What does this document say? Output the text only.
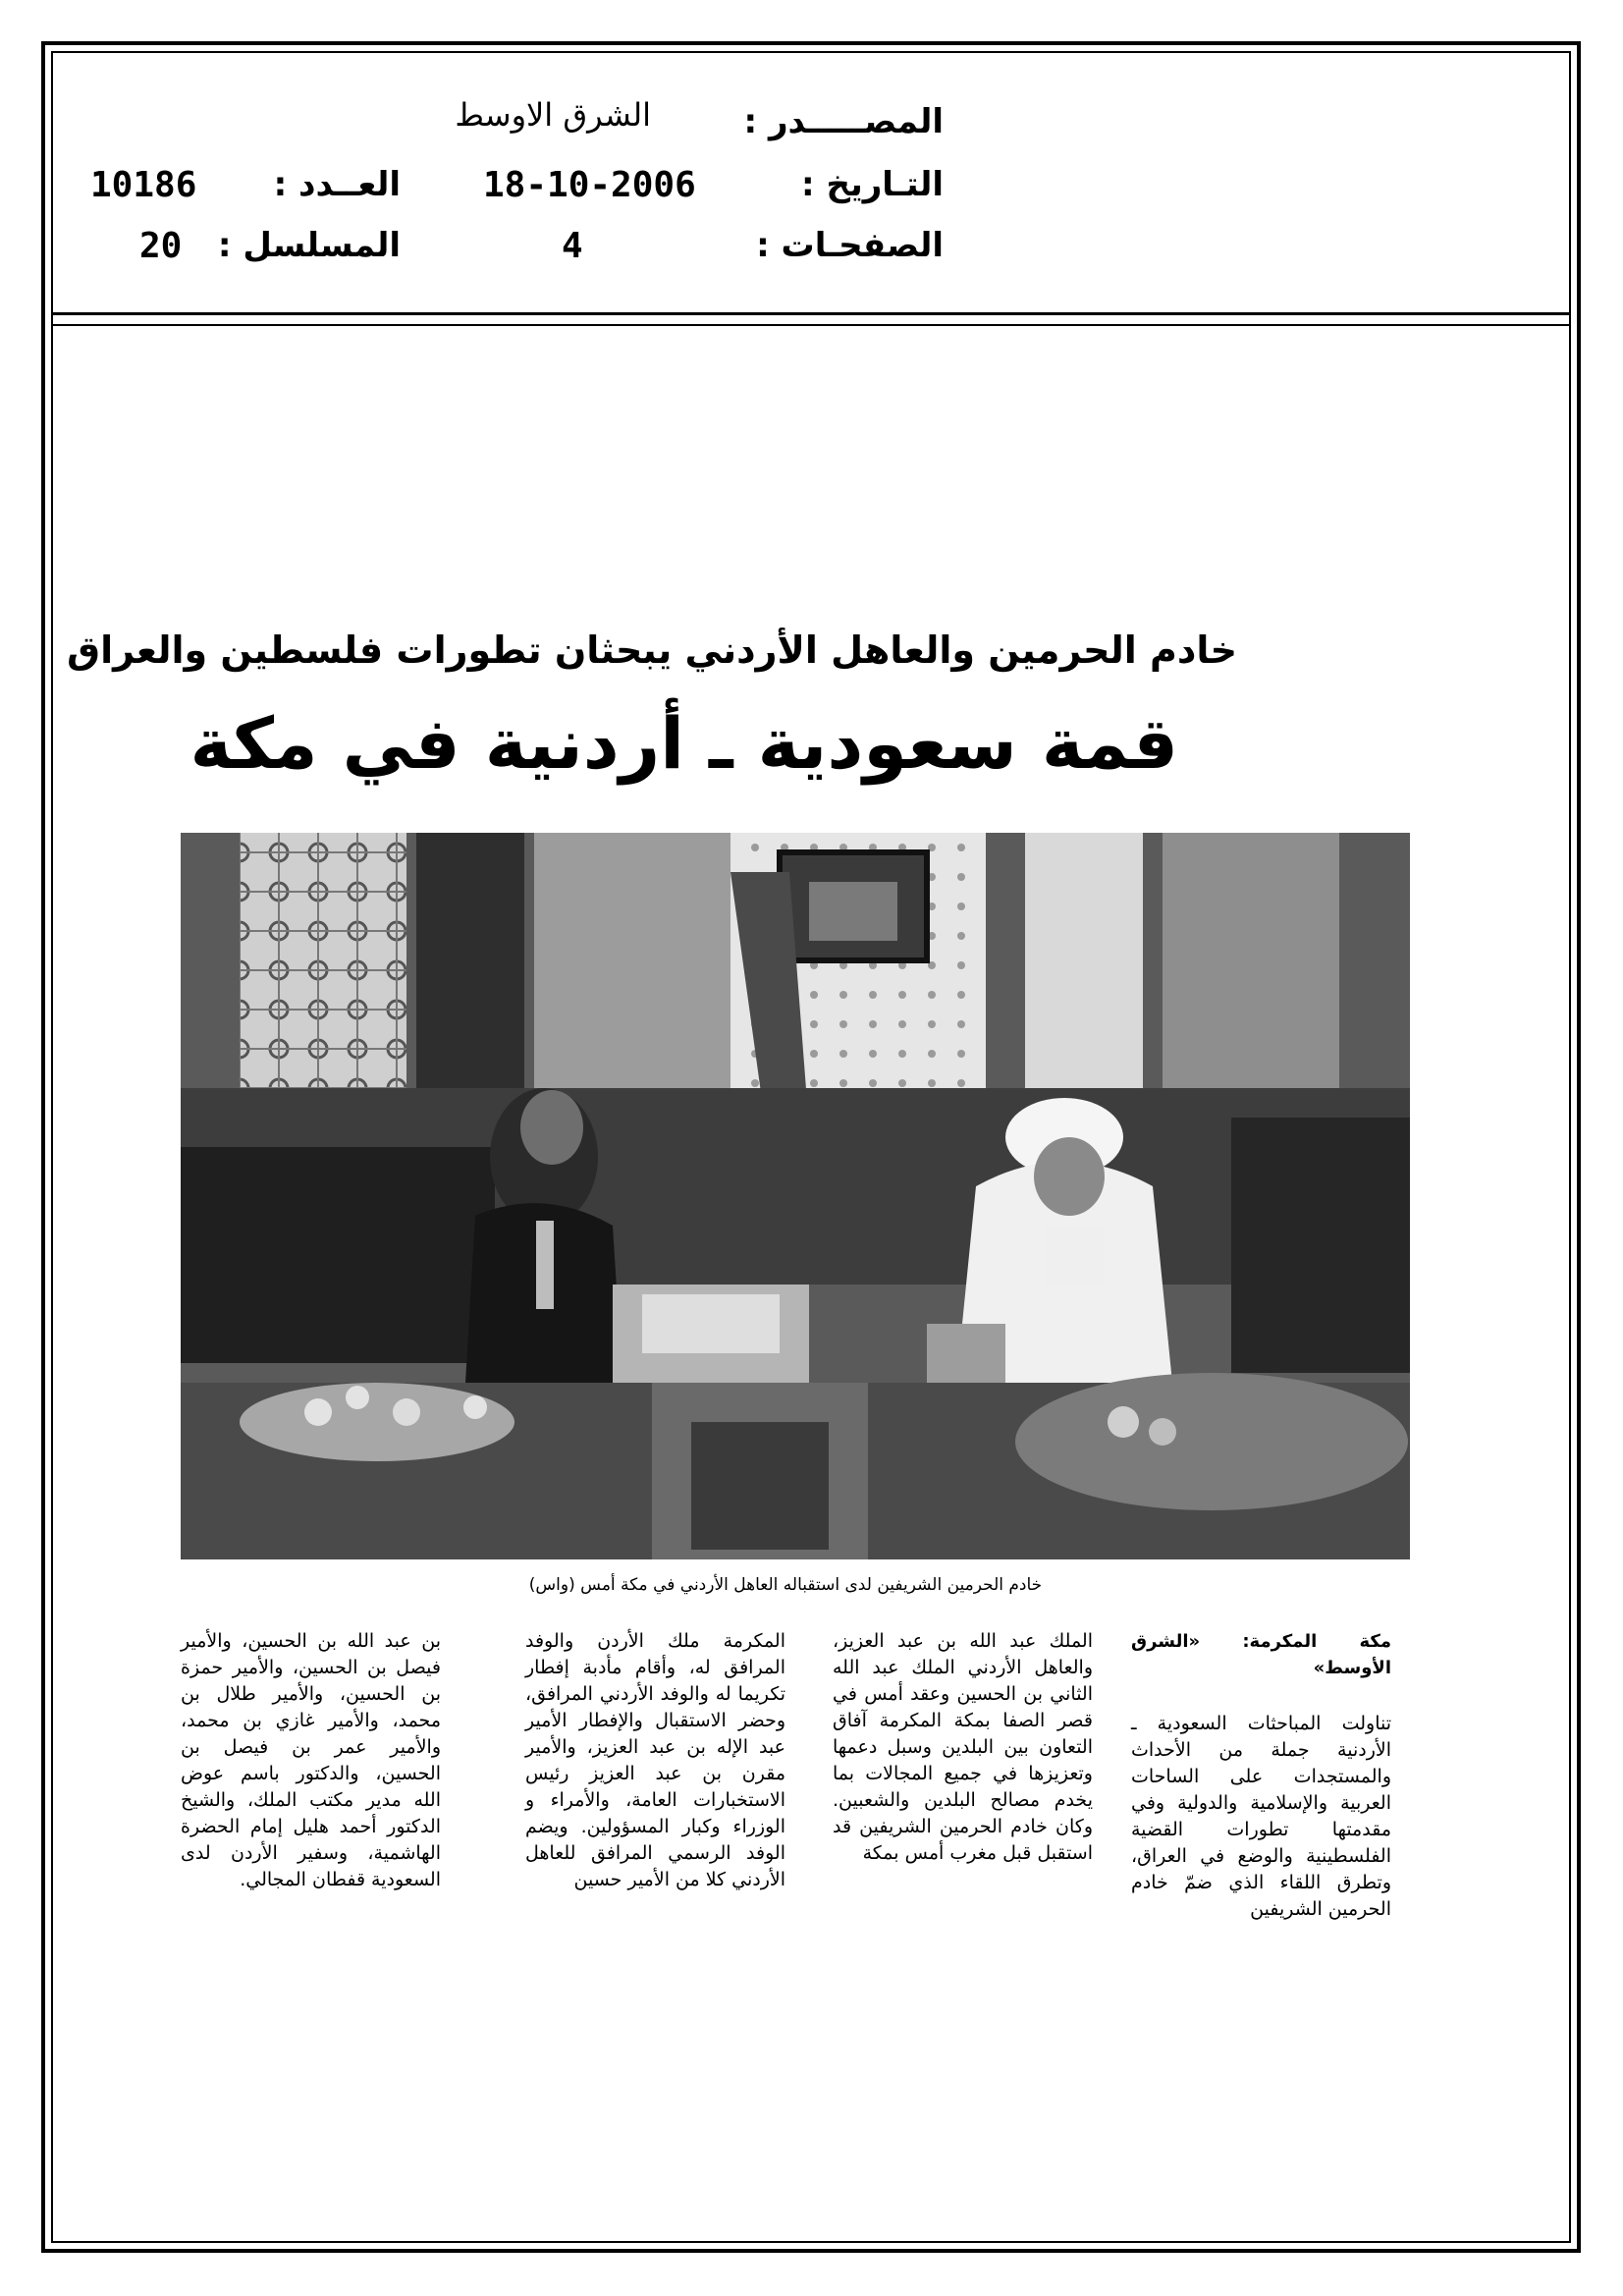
المصـــــدر :
الشرق الاوسط
التـاريخ :
18-10-2006
العــدد :
10186
الصفحـات :
4
المسلسل :
20
خادم الحرمين والعاهل الأردني يبحثان تطورات فلسطين والعراق
قمة سعودية ـ أردنية في مكة
خادم الحرمين الشريفين لدى استقباله العاهل الأردني في مكة أمس (واس)

مكة المكرمة: «الشرق الأوسط»

تناولت المباحثات السعودية ـ الأردنية جملة من الأحداث والمستجدات على الساحات العربية والإسلامية والدولية وفي مقدمتها تطورات القضية الفلسطينية والوضع في العراق، وتطرق اللقاء الذي ضمّ خادم الحرمين الشريفين

الملك عبد الله بن عبد العزيز، والعاهل الأردني الملك عبد الله الثاني بن الحسين وعقد أمس في قصر الصفا بمكة المكرمة آفاق التعاون بين البلدين وسبل دعمها وتعزيزها في جميع المجالات بما يخدم مصالح البلدين والشعبين. وكان خادم الحرمين الشريفين قد استقبل قبل مغرب أمس بمكة

المكرمة ملك الأردن والوفد المرافق له، وأقام مأدبة إفطار تكريما له والوفد الأردني المرافق، وحضر الاستقبال والإفطار الأمير عبد الإله بن عبد العزيز، والأمير مقرن بن عبد العزيز رئيس الاستخبارات العامة، والأمراء و الوزراء وكبار المسؤولين. ويضم الوفد الرسمي المرافق للعاهل الأردني كلا من الأمير حسين

بن عبد الله بن الحسين، والأمير فيصل بن الحسين، والأمير حمزة بن الحسين، والأمير طلال بن محمد، والأمير غازي بن محمد، والأمير عمر بن فيصل بن الحسين، والدكتور باسم عوض الله مدير مكتب الملك، والشيخ الدكتور أحمد هليل إمام الحضرة الهاشمية، وسفير الأردن لدى السعودية قفطان المجالي.
